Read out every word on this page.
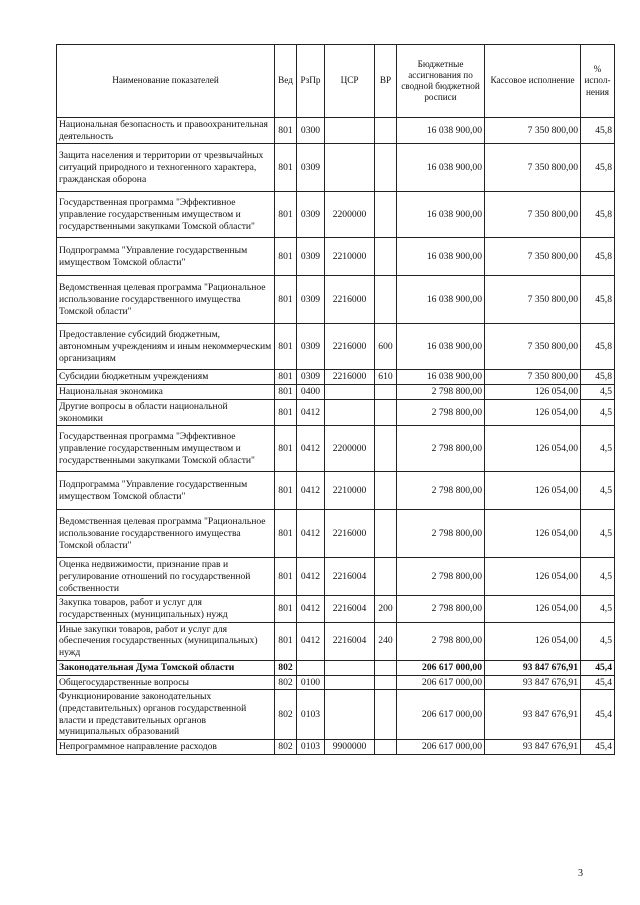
Наименование показателей	Вед	РзПр	ЦСР	ВР	Бюджетные ассигнования по сводной бюджетной росписи	Кассовое исполнение	% испол-нения
Национальная безопасность и правоохранительная деятельность	801	0300			16 038 900,00	7 350 800,00	45,8
Защита населения и территории от чрезвычайных ситуаций природного и техногенного характера, гражданская оборона	801	0309			16 038 900,00	7 350 800,00	45,8
Государственная программа "Эффективное управление государственным имуществом и государственными закупками Томской области"	801	0309	2200000		16 038 900,00	7 350 800,00	45,8
Подпрограмма "Управление государственным имуществом Томской области"	801	0309	2210000		16 038 900,00	7 350 800,00	45,8
Ведомственная целевая программа "Рациональное использование государственного имущества Томской области"	801	0309	2216000		16 038 900,00	7 350 800,00	45,8
Предоставление субсидий бюджетным, автономным учреждениям и иным некоммерческим организациям	801	0309	2216000	600	16 038 900,00	7 350 800,00	45,8
Субсидии бюджетным учреждениям	801	0309	2216000	610	16 038 900,00	7 350 800,00	45,8
Национальная экономика	801	0400			2 798 800,00	126 054,00	4,5
Другие вопросы в области национальной экономики	801	0412			2 798 800,00	126 054,00	4,5
Государственная программа "Эффективное управление государственным имуществом и государственными закупками Томской области"	801	0412	2200000		2 798 800,00	126 054,00	4,5
Подпрограмма "Управление государственным имуществом Томской области"	801	0412	2210000		2 798 800,00	126 054,00	4,5
Ведомственная целевая программа "Рациональное использование государственного имущества Томской области"	801	0412	2216000		2 798 800,00	126 054,00	4,5
Оценка недвижимости, признание прав и регулирование отношений по государственной собственности	801	0412	2216004		2 798 800,00	126 054,00	4,5
Закупка товаров, работ и услуг для государственных (муниципальных) нужд	801	0412	2216004	200	2 798 800,00	126 054,00	4,5
Иные закупки товаров, работ и услуг для обеспечения государственных (муниципальных) нужд	801	0412	2216004	240	2 798 800,00	126 054,00	4,5
Законодательная Дума Томской области	802				206 617 000,00	93 847 676,91	45,4
Общегосударственные вопросы	802	0100			206 617 000,00	93 847 676,91	45,4
Функционирование законодательных (представительных) органов государственной власти и представительных органов муниципальных образований	802	0103			206 617 000,00	93 847 676,91	45,4
Непрограммное направление расходов	802	0103	9900000		206 617 000,00	93 847 676,91	45,4
3
